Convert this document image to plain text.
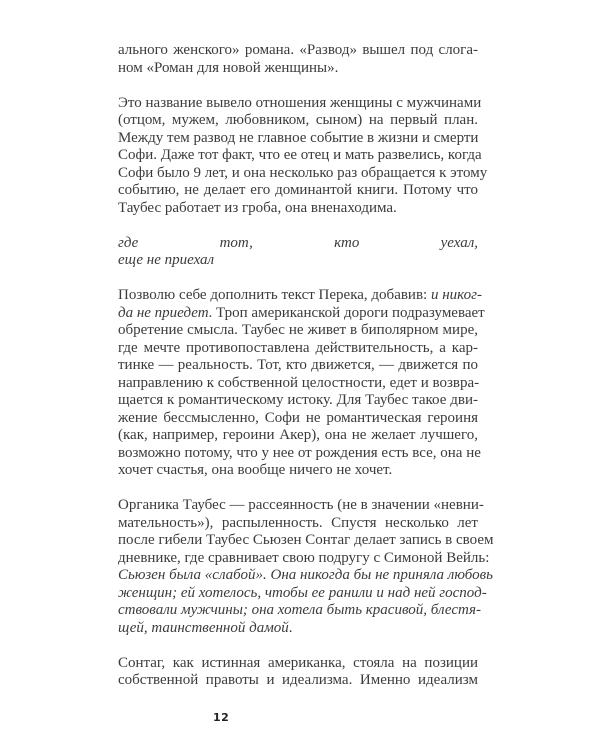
ального женского» романа. «Развод» вышел под слога-
ном «Роман для новой женщины».
Это название вывело отношения женщины с мужчинами
(отцом, мужем, любовником, сыном) на первый план.
Между тем развод не главное событие в жизни и смерти
Софи. Даже тот факт, что ее отец и мать развелись, когда
Софи было 9 лет, и она несколько раз обращается к этому
событию, не делает его доминантой книги. Потому что
Таубес работает из гроба, она вненаходима.
где тот, кто уехал,
еще не приехал
Позволю себе дополнить текст Перека, добавив: и никог-
да не приедет. Троп американской дороги подразумевает
обретение смысла. Таубес не живет в биполярном мире,
где мечте противопоставлена действительность, а кар-
тинке — реальность. Тот, кто движется, — движется по
направлению к собственной целостности, едет и возвра-
щается к романтическому истоку. Для Таубес такое дви-
жение бессмысленно, Софи не романтическая героиня
(как, например, героини Акер), она не желает лучшего,
возможно потому, что у нее от рождения есть все, она не
хочет счастья, она вообще ничего не хочет.
Органика Таубес — рассеянность (не в значении «невни-
мательность»), распыленность. Спустя несколько лет
после гибели Таубес Сьюзен Сонтаг делает запись в своем
дневнике, где сравнивает свою подругу с Симоной Вейль:
Сьюзен была «слабой». Она никогда бы не приняла любовь
женщин; ей хотелось, чтобы ее ранили и над ней господ-
ствовали мужчины; она хотела быть красивой, блестя-
щей, таинственной дамой.
Сонтаг, как истинная американка, стояла на позиции
собственной правоты и идеализма. Именно идеализм
12
